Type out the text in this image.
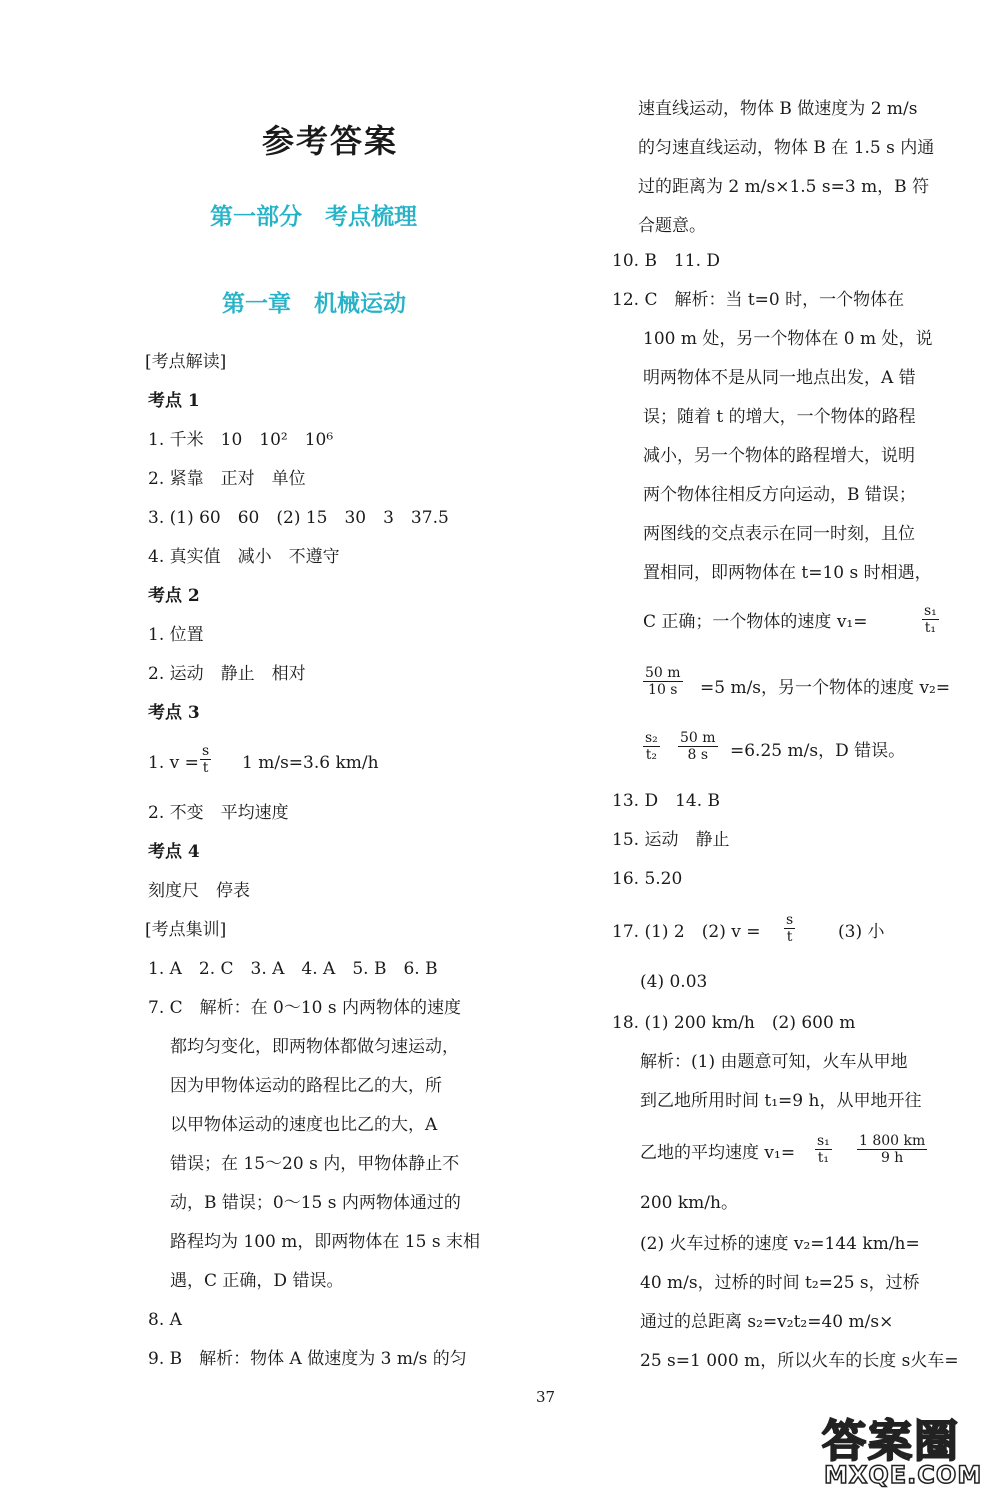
参考答案
第一部分　考点梳理
第一章　机械运动
[考点解读]
考点 1
1. 千米　10　10²　10⁶
2. 紧靠　正对　单位
3. (1) 60　60　(2) 15　30　3　37.5
4. 真实值　减小　不遵守
考点 2
1. 位置
2. 运动　静止　相对
考点 3
1. v =	1 m/s=3.6 km/h
2. 不变　平均速度
考点 4
刻度尺　停表
[考点集训]
1. A　2. C　3. A　4. A　5. B　6. B
7. C　解析：在 0～10 s 内两物体的速度
都均匀变化，即两物体都做匀速运动，
因为甲物体运动的路程比乙的大，所
以甲物体运动的速度也比乙的大，A
错误；在 15～20 s 内，甲物体静止不
动，B 错误；0～15 s 内两物体通过的
路程均为 100 m，即两物体在 15 s 末相
遇，C 正确，D 错误。
8. A
9. B　解析：物体 A 做速度为 3 m/s 的匀
速直线运动，物体 B 做速度为 2 m/s
的匀速直线运动，物体 B 在 1.5 s 内通
过的距离为 2 m/s×1.5 s=3 m，B 符
合题意。
10. B　11. D
12. C　解析：当 t=0 时，一个物体在
100 m 处，另一个物体在 0 m 处，说
明两物体不是从同一地点出发，A 错
误；随着 t 的增大，一个物体的路程
减小，另一个物体的路程增大，说明
两个物体往相反方向运动，B 错误；
两图线的交点表示在同一时刻，且位
置相同，即两物体在 t=10 s 时相遇，
C 正确；一个物体的速度 v₁=
=5 m/s，另一个物体的速度 v₂=
=6.25 m/s，D 错误。
13. D　14. B
15. 运动　静止
16. 5.20
17. (1) 2　(2) v =	(3) 小
(4) 0.03
18. (1) 200 km/h　(2) 600 m
解析：(1) 由题意可知，火车从甲地
到乙地所用时间 t₁=9 h，从甲地开往
乙地的平均速度 v₁=
200 km/h。
(2) 火车过桥的速度 v₂=144 km/h=
40 m/s，过桥的时间 t₂=25 s，过桥
通过的总距离 s₂=v₂t₂=40 m/s×
25 s=1 000 m，所以火车的长度 s火车=
$\frac{s}{t}$
$\frac{\text{s₁}}{\text{t₁}}$
$\frac{50 m}{10 s}$
$\frac{\text{s₂}}{\text{t₂}} \frac{50 m}{8 s}$
$\frac{s}{t}$
$\frac{\text{s₁}}{\text{t₁}} \frac{1 800 km}{9 h}$
37
答案圈
MXQE.COM
